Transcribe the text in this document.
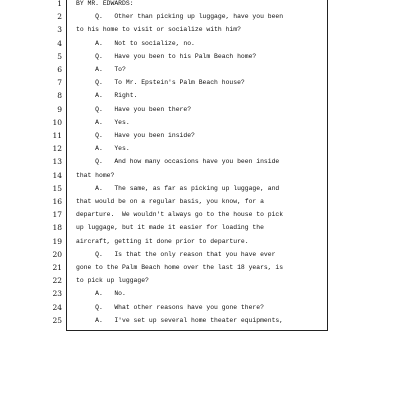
1 BY MR. EDWARDS:
2 Q.   Other than picking up luggage, have you been
3 to his home to visit or socialize with him?
4 A.   Not to socialize, no.
5 Q.   Have you been to his Palm Beach home?
6 A.   To?
7 Q.   To Mr. Epstein's Palm Beach house?
8 A.   Right.
9 Q.   Have you been there?
10 A.   Yes.
11 Q.   Have you been inside?
12 A.   Yes.
13 Q.   And how many occasions have you been inside
14 that home?
15 A.   The same, as far as picking up luggage, and
16 that would be on a regular basis, you know, for a
17 departure.  We wouldn't always go to the house to pick
18 up luggage, but it made it easier for loading the
19 aircraft, getting it done prior to departure.
20 Q.   Is that the only reason that you have ever
21 gone to the Palm Beach home over the last 18 years, is
22 to pick up luggage?
23 A.   No.
24 Q.   What other reasons have you gone there?
25 A.   I've set up several home theater equipments,
